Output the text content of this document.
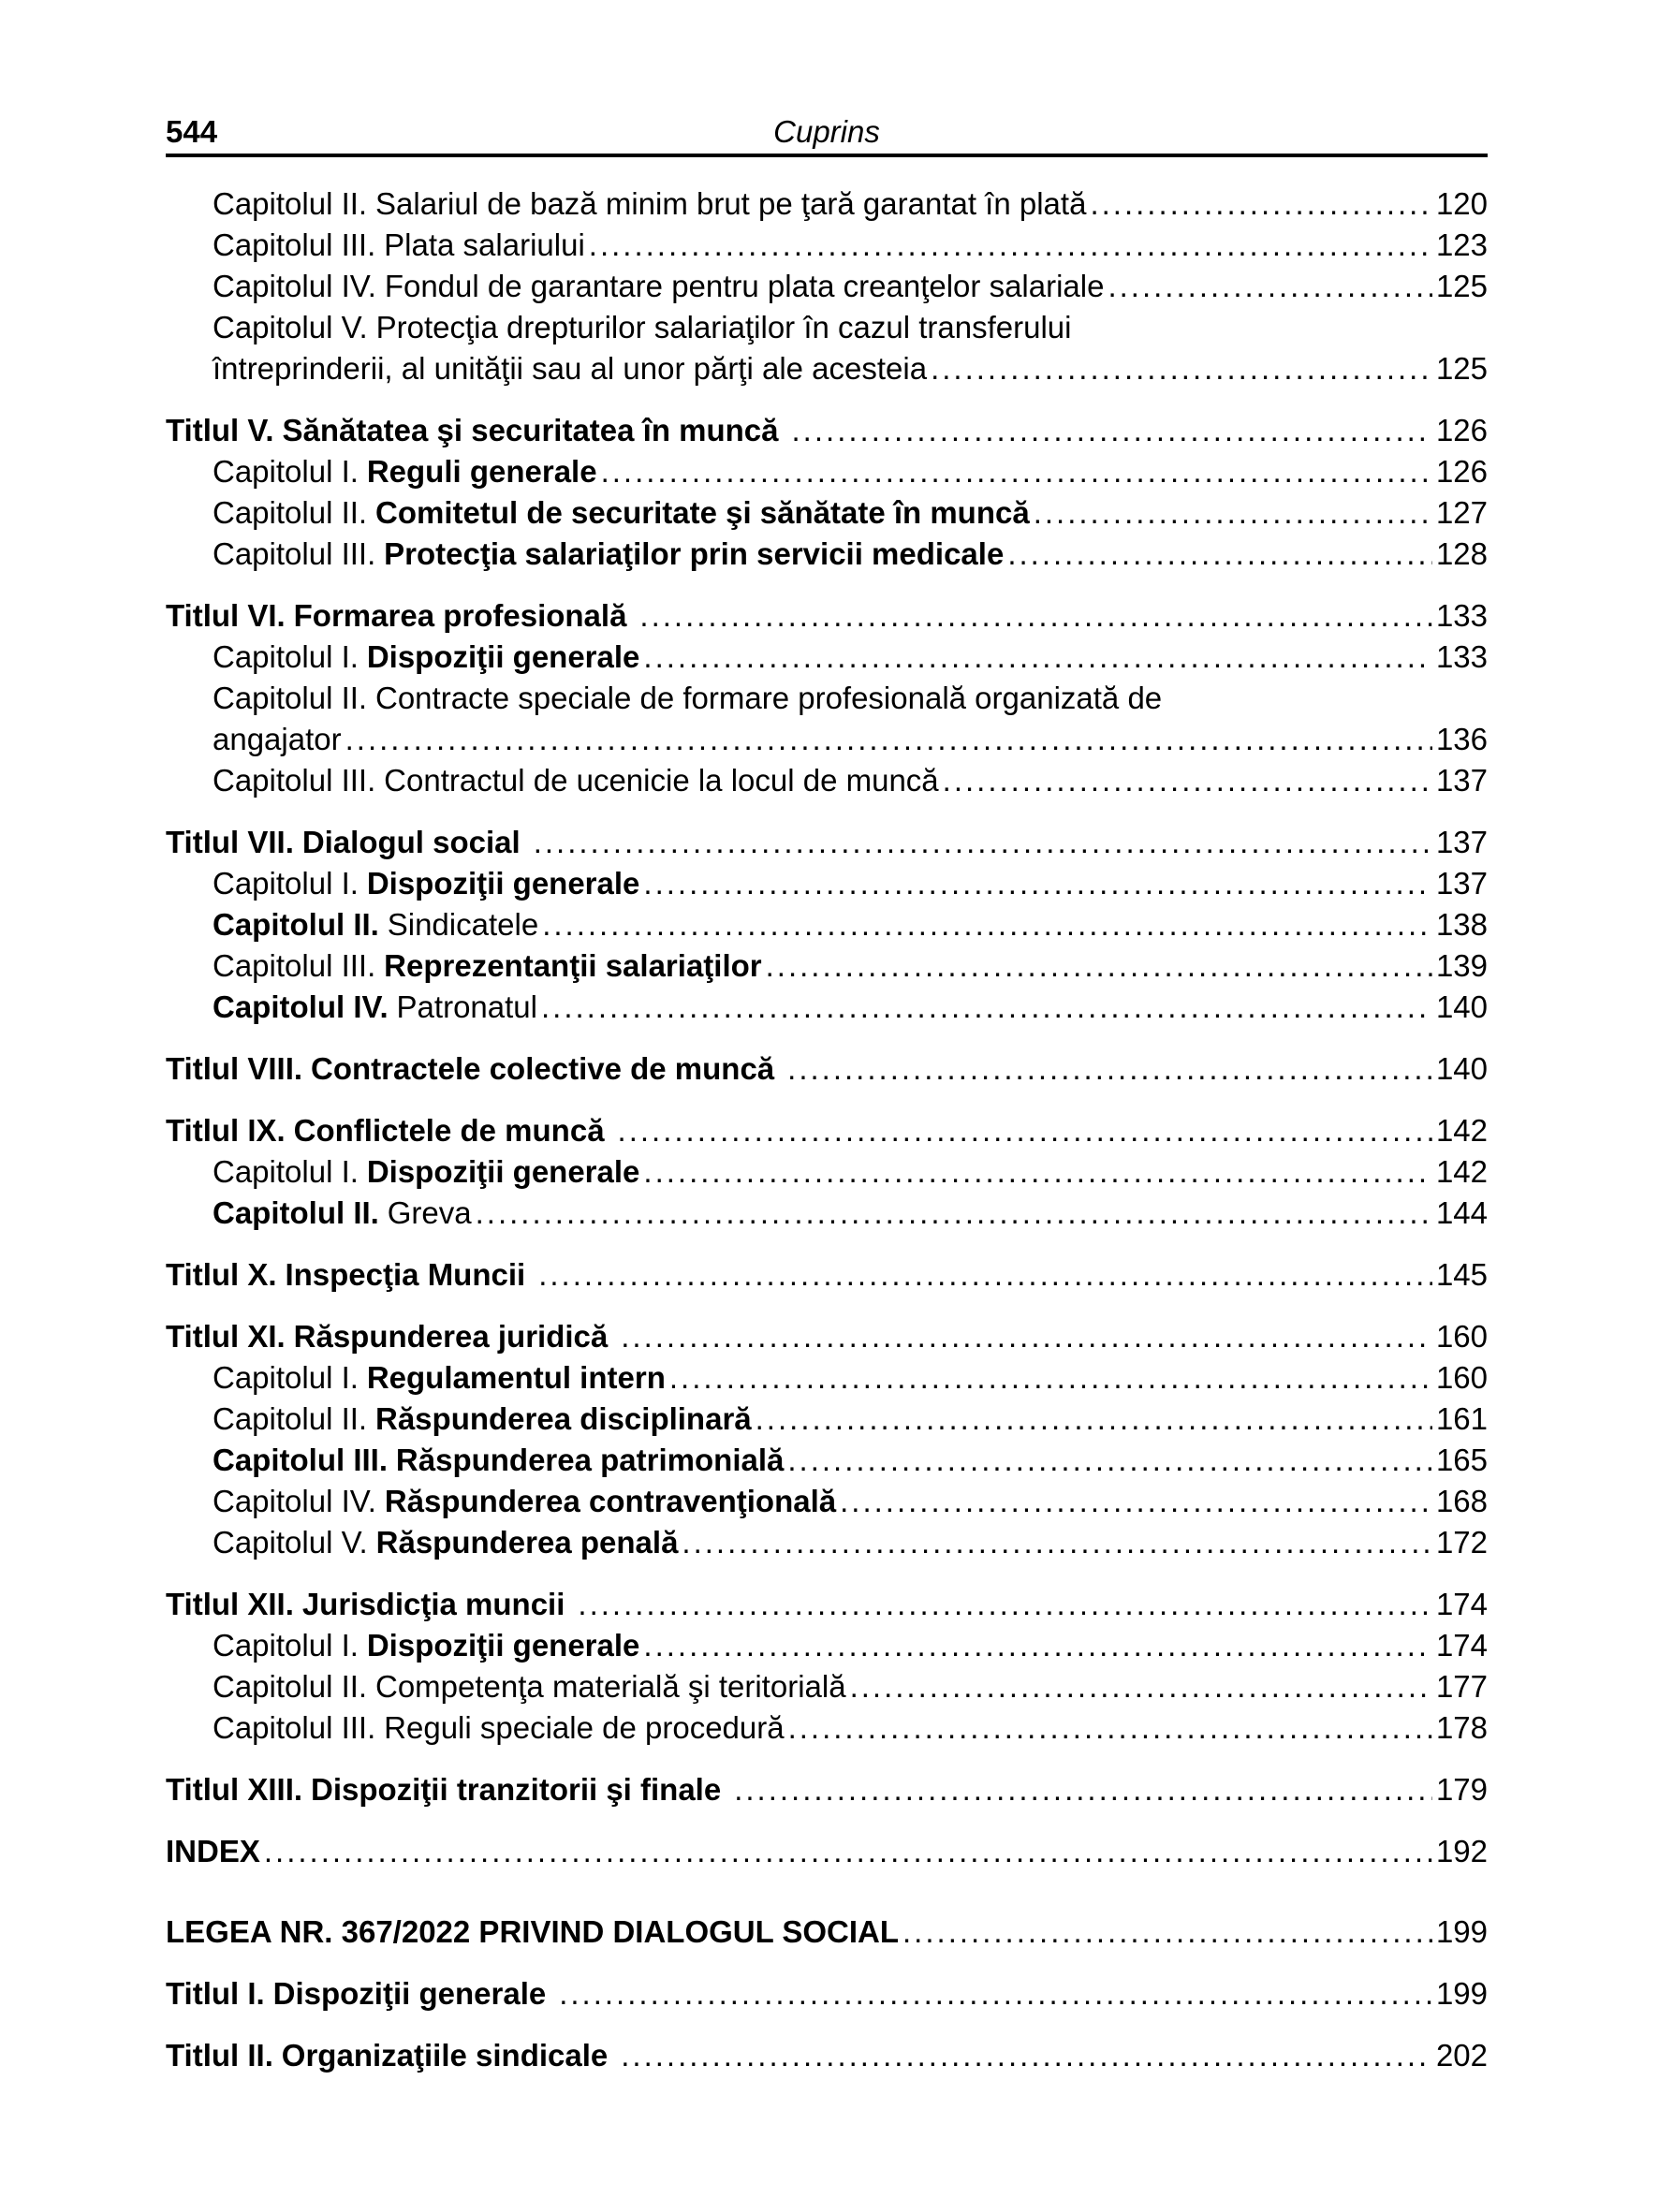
544	Cuprins
Capitolul II. Salariul de bază minim brut pe ţară garantat în plată .....	120
Capitolul III. Plata salariului .....	123
Capitolul IV. Fondul de garantare pentru plata creanţelor salariale .....	125
Capitolul V. Protecţia drepturilor salariaţilor în cazul transferului
întreprinderii, al unităţii sau al unor părţi ale acesteia .....	125
Titlul V. Sănătatea şi securitatea în muncă .....	126
Capitolul I. Reguli generale .....	126
Capitolul II. Comitetul de securitate şi sănătate în muncă .....	127
Capitolul III. Protecţia salariaţilor prin servicii medicale .....	128
Titlul VI. Formarea profesională .....	133
Capitolul I. Dispoziţii generale .....	133
Capitolul II. Contracte speciale de formare profesională organizată de
angajator .....	136
Capitolul III. Contractul de ucenicie la locul de muncă .....	137
Titlul VII. Dialogul social .....	137
Capitolul I. Dispoziţii generale .....	137
Capitolul II. Sindicatele .....	138
Capitolul III. Reprezentanţii salariaţilor .....	139
Capitolul IV. Patronatul .....	140
Titlul VIII. Contractele colective de muncă .....	140
Titlul IX. Conflictele de muncă .....	142
Capitolul I. Dispoziţii generale .....	142
Capitolul II. Greva .....	144
Titlul X. Inspecţia Muncii .....	145
Titlul XI. Răspunderea juridică .....	160
Capitolul I. Regulamentul intern .....	160
Capitolul II. Răspunderea disciplinară .....	161
Capitolul III. Răspunderea patrimonială .....	165
Capitolul IV. Răspunderea contravenţională .....	168
Capitolul V. Răspunderea penală .....	172
Titlul XII. Jurisdicţia muncii .....	174
Capitolul I. Dispoziţii generale .....	174
Capitolul II. Competenţa materială şi teritorială .....	177
Capitolul III. Reguli speciale de procedură .....	178
Titlul XIII. Dispoziţii tranzitorii şi finale .....	179
INDEX .....	192
LEGEA NR. 367/2022 PRIVIND DIALOGUL SOCIAL .....	199
Titlul I. Dispoziţii generale .....	199
Titlul II. Organizaţiile sindicale .....	202
